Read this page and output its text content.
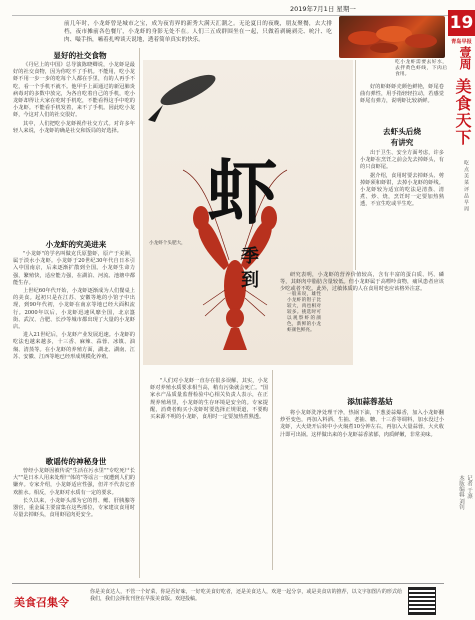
2019年7月1日 星期一
19
青岛早报
壹周
美食天下
吃 点 美 菜 评 品 早 周
本版编辑 刘钊 记者 于凛
前几年时，小龙虾曾是城市之宝，成为夜宵界的新秀大满天汇潮之。无论夏日的夜晚，朋友聚餐，去大排档，夜市摊前各色餐厅，小龙虾的身影无处不在。人们三五成群围坐在一起，只做着剥碗剥壳、吮汁、吃肉、嘬手指，嗑着扎啤谈天说地，透着简单真实的快乐。
吃小龙虾需要去好水，去拌黄色虾线，下肉后食用。
显好的社交食物

《丹尼上的中国》总导演陈晓卿说，小龙虾是最好的社交食物，因为你吃不了手机。不能用，吃小龙虾不用一步一步的吃每个人都在手里，有的人再手不吃，看一个手机不就不。他甲手上面通过的新冠肺炎病毒对的多数中放完，为各自吃着自己的手机，吃小龙虾却得让大家在吃时手机吃，不能看得这手中吃的小龙虾。不能看手机发着，来不了手机。因此吃小龙虾，今这对人们的社交很好。

其中，人们把吃小龙虾视作社交方式。对许多年轻人来说，小龙虾的确是社交和饭局的好选择。

小龙虾的究美进来

"小龙虾"的学名叫做克氏原螯虾，原产于美洲，属于淡水小龙虾。小龙虾于20世纪30年代自日本引入中国南京，后来逐渐扩散到全国。小龙虾生命力强，繁殖快，适应能力强，在湖泊、河流、池塘中都能生存。

上世纪60年代开始，小龙虾逐渐成为人们餐桌上的美食。起初只是在江苏、安徽等地的小馆子中出现，到90年代初，小龙虾在南京等地已经大面积流行。2000年以后，小龙虾迅速风靡全国，北京簋街、武汉、合肥、长沙等城市都出现了大量的小龙虾店。

进入21世纪后，小龙虾产业发展迅速。小龙虾的吃法也越来越多，十三香、麻辣、蒜蓉、冰镇、油焖、清蒸等。在小龙虾的养殖方面，湖北、湖南、江苏、安徽、江西等地已经形成规模化养殖。

歌谣传的神秘身世

曾经小龙虾因被传说"生活在污水里""专吃死尸长大""是日本人用来处理尸体的"等谣言一度遭到人们的嫌弃。专家介绍，小龙虾适应性强，但并不代表它喜欢脏水。相反，小龙虾对水质有一定的要求。

长久以来，小龙虾头部为它的胃、鳃、肝胰腺等器官，重金属主要富集在这些部位，专家建议食用时尽量去掉虾头，食用虾尾肉更安全。

虾
季
到
小龙虾个头肥大，
一般来说，雄性小龙虾的钳子比较大，肉也相对较多。挑选时可以观察虾的颜色，新鲜的小龙虾颜色鲜亮。
"人们对小龙虾一直存在很多误解，其实，小龙虾对养殖水质要求相当高，稍有污染就会死亡。"国家水产品质量监督检验中心相关负责人表示，在正规养殖场里，小龙虾的生存环境是安全的。专家提醒，消费者购买小龙虾时要选择正规渠道，不要购买来源不明的小龙虾，食用时一定要加热煮熟透。
好的虾虾虾壳颜色鲜艳，虾尾卷曲有弹性，用手指轻轻拉动，若感觉虾尾有弹力，说明虾比较新鲜。
去虾头后烧
有讲究

出于卫生、安全方面考虑，许多小龙虾在烹饪之前会先去掉虾头，有的只食虾尾。

据介绍，食用时要去掉虾头、剪掉虾须和虾钳，去掉小龙虾的虾线。小龙虾较为适宜的吃法是清蒸、清煮、炒、烧，烹饪时一定要加热熟透，不宜生吃或半生吃。

研究表明，小龙虾的营养价值较高，含有丰富的蛋白质、钙、磷等，其虾肉中脂肪含量较低。但小龙虾属于高嘌呤食物，痛风患者应该少吃或者不吃。此外，过敏体质的人在食用时也应该格外注意。

添加蒜蓉基姑
将小龙虾洗净处理干净，热锅下油，下葱姜蒜爆香，加入小龙虾翻炒至变色，再加入料酒、生抽、老抽、糖、十三香等调料，加水没过小龙虾，大火烧开后转中小火焖煮10分钟左右，再加入大量蒜蓉，大火收汁即可出锅。这样做出来的小龙虾蒜香浓郁，肉质鲜嫩，非常美味。
美食召集令
你是美食达人，不管一个好菜，你是否好味，一好吃美食好吃者，还是美食达人，欢迎一起分享，或是美食店的推荐，以文字加图片的形式给我们，我们会择优刊登在早报美食版。欢迎投稿。
